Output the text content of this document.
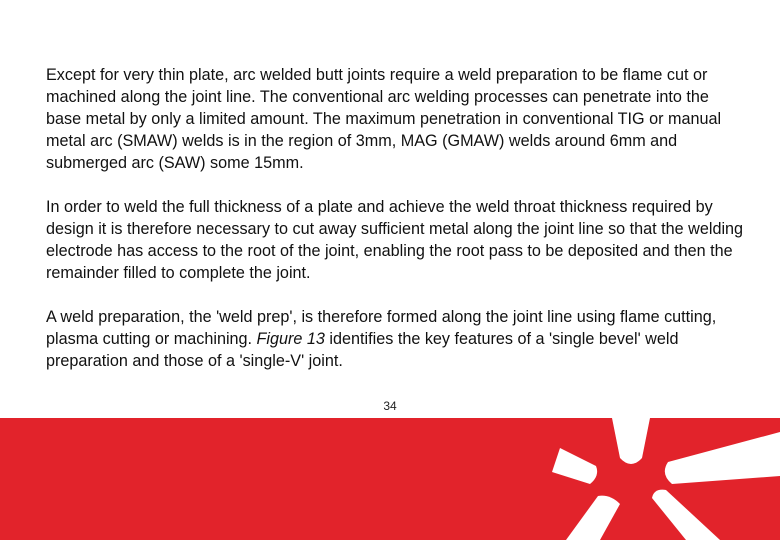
Except for very thin plate, arc welded butt joints require a weld preparation to be flame cut or machined along the joint line. The conventional arc welding processes can penetrate into the base metal by only a limited amount. The maximum penetration in conventional TIG or manual metal arc (SMAW) welds is in the region of 3mm, MAG (GMAW) welds around 6mm and submerged arc (SAW) some 15mm.

In order to weld the full thickness of a plate and achieve the weld throat thickness required by design it is therefore necessary to cut away sufficient metal along the joint line so that the welding electrode has access to the root of the joint, enabling the root pass to be deposited and then the remainder filled to complete the joint.

A weld preparation, the 'weld prep', is therefore formed along the joint line using flame cutting, plasma cutting or machining. Figure 13 identifies the key features of a 'single bevel' weld preparation and those of a 'single-V' joint.

34
